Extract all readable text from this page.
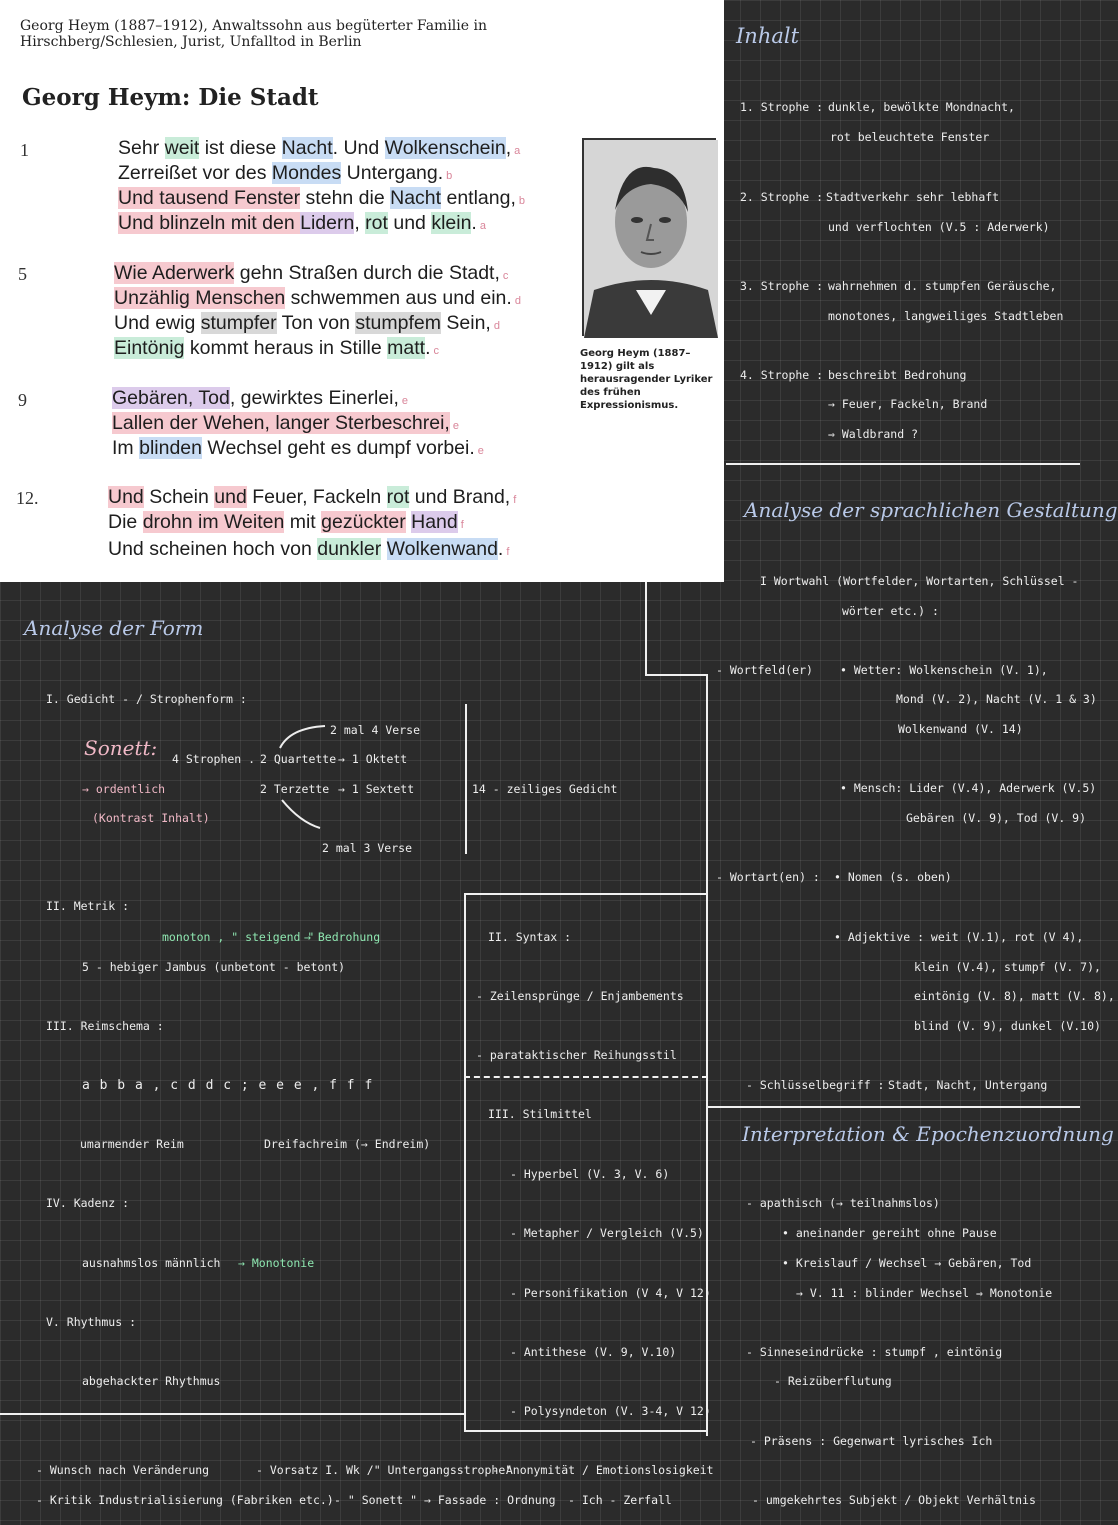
Georg Heym (1887–1912), Anwaltssohn aus begüterter Familie in Hirschberg/Schlesien, Jurist, Unfalltod in Berlin
Georg Heym: Die Stadt
1
5
9
12.
Sehr weit ist diese Nacht. Und Wolkenschein, a
Zerreißet vor des Mondes Untergang. b
Und tausend Fenster stehn die Nacht entlang, b
Und blinzeln mit den Lidern, rot und klein. a
Wie Aderwerk gehn Straßen durch die Stadt, c
Unzählig Menschen schwemmen aus und ein. d
Und ewig stumpfer Ton von stumpfem Sein, d
Eintönig kommt heraus in Stille matt. c
Gebären, Tod, gewirktes Einerlei, e
Lallen der Wehen, langer Sterbeschrei, e
Im blinden Wechsel geht es dumpf vorbei. e
Und Schein und Feuer, Fackeln rot und Brand, f
Die drohn im Weiten mit gezückter Hand f
Und scheinen hoch von dunkler Wolkenwand. f
Georg Heym (1887–1912) gilt als herausragender Lyriker des frühen Expressionismus.
Inhalt
1. Strophe : dunkle, bewölkte Mondnacht,
rot beleuchtete Fenster
2. Strophe : Stadtverkehr sehr lebhaft
und verflochten (V.5 : Aderwerk)
3. Strophe : wahrnehmen d. stumpfen Geräusche,
monotones, langweiliges Stadtleben
4. Strophe : beschreibt Bedrohung
→ Feuer, Fackeln, Brand
⇒ Waldbrand ?
Analyse der sprachlichen Gestaltung
I Wortwahl (Wortfelder, Wortarten, Schlüssel -
wörter etc.) :
- Wortfeld(er) • Wetter: Wolkenschein (V. 1),
Mond (V. 2), Nacht (V. 1 & 3)
Wolkenwand (V. 14)
• Mensch: Lider (V.4), Aderwerk (V.5)
Gebären (V. 9), Tod (V. 9)
- Wortart(en) : • Nomen (s. oben)
• Adjektive : weit (V.1), rot (V 4),
klein (V.4), stumpf (V. 7),
eintönig (V. 8), matt (V. 8),
blind (V. 9), dunkel (V.10)
- Schlüsselbegriff : Stadt, Nacht, Untergang
Interpretation & Epochenzuordnung
- apathisch (→ teilnahmslos)
• aneinander gereiht ohne Pause
• Kreislauf / Wechsel → Gebären, Tod
→ V. 11 : blinder Wechsel ⇒ Monotonie
- Sinneseindrücke : stumpf , eintönig
- Reizüberflutung
- Präsens : Gegenwart lyrisches Ich
- umgekehrtes Subjekt / Objekt Verhältnis
Analyse der Form
I. Gedicht - / Strophenform :
Sonett: 4 Strophen . 2 Quartette → 1 Oktett
2 Terzette → 1 Sextett
2 mal 4 Verse
2 mal 3 Verse
→ ordentlich
(Kontrast Inhalt)
14 - zeiliges Gedicht
II. Metrik :
monoton , " steigend "
→ Bedrohung
5 - hebiger Jambus (unbetont - betont)
III. Reimschema :
a b b a , c d d c ; e e e , f f f
umarmender Reim	Dreifachreim (→ Endreim)
IV. Kadenz :
ausnahmslos männlich → Monotonie
V. Rhythmus :
abgehackter Rhythmus
II. Syntax :
- Zeilensprünge / Enjambements
- parataktischer Reihungsstil
III. Stilmittel
- Hyperbel (V. 3, V. 6)
- Metapher / Vergleich (V.5)
- Personifikation (V 4, V 12)
- Antithese (V. 9, V.10)
- Polysyndeton (V. 3-4, V 12)
- Wunsch nach Veränderung
- Kritik Industrialisierung (Fabriken etc.)
- Vorsatz I. Wk /" Untergangsstrophe"
- " Sonett " → Fassade : Ordnung
- Anonymität / Emotionslosigkeit
- Ich - Zerfall
